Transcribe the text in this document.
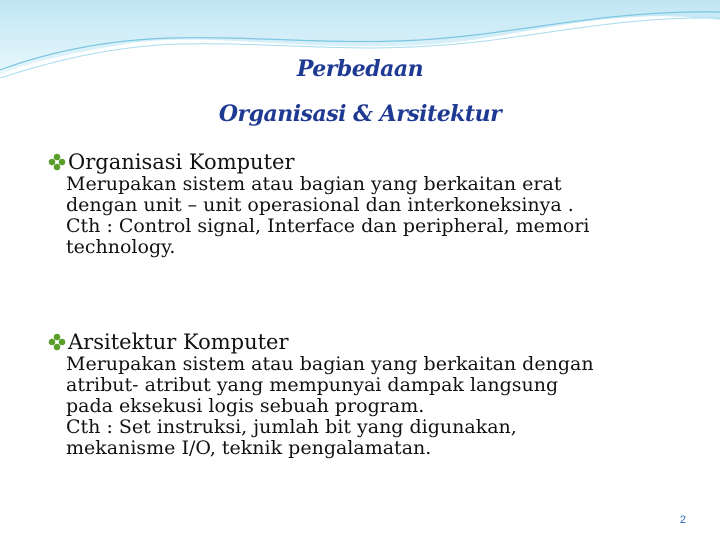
Perbedaan
Organisasi & Arsitektur
Organisasi Komputer

Merupakan sistem atau bagian yang berkaitan erat

dengan unit – unit operasional dan interkoneksinya .

Cth : Control signal, Interface dan peripheral, memori

technology.

Arsitektur Komputer

Merupakan sistem atau bagian yang berkaitan dengan

atribut- atribut yang mempunyai dampak langsung

pada eksekusi logis sebuah program.

Cth : Set instruksi, jumlah bit yang digunakan,

mekanisme I/O, teknik pengalamatan.

2
